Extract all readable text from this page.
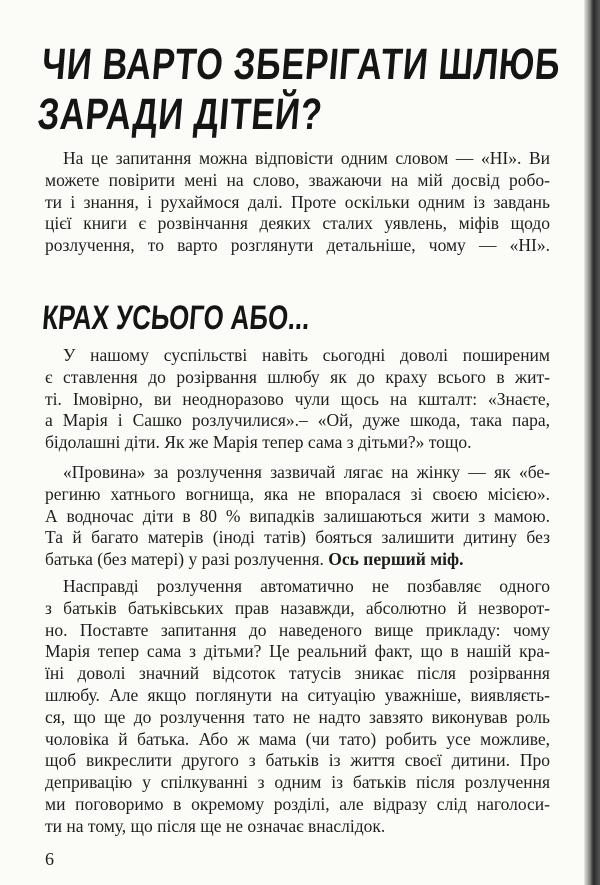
ЧИ ВАРТО ЗБЕРІГАТИ ШЛЮБ
ЗАРАДИ ДІТЕЙ?
На це запитання можна відповісти одним словом — «НІ». Ви
можете повірити мені на слово, зважаючи на мій досвід робо-
ти і знання, і рухаймося далі. Проте оскільки одним із завдань
цієї книги є розвінчання деяких сталих уявлень, міфів щодо
розлучення, то варто розглянути детальніше, чому — «НІ».
КРАХ УСЬОГО АБО...
У нашому суспільстві навіть сьогодні доволі поширеним
є ставлення до розірвання шлюбу як до краху всього в жит-
ті. Імовірно, ви неодноразово чули щось на кшталт: «Знаєте,
а Марія і Сашко розлучилися».– «Ой, дуже шкода, така пара,
бідолашні діти. Як же Марія тепер сама з дітьми?» тощо.
«Провина» за розлучення зазвичай лягає на жінку — як «бе-
региню хатнього вогнища, яка не впоралася зі своєю місією».
А водночас діти в 80 % випадків залишаються жити з мамою.
Та й багато матерів (іноді татів) бояться залишити дитину без
батька (без матері) у разі розлучення. Ось перший міф.
Насправді розлучення автоматично не позбавляє одного
з батьків батьківських прав назавжди, абсолютно й незворот-
но. Поставте запитання до наведеного вище прикладу: чому
Марія тепер сама з дітьми? Це реальний факт, що в нашій кра-
їні доволі значний відсоток татусів зникає після розірвання
шлюбу. Але якщо поглянути на ситуацію уважніше, виявляєть-
ся, що ще до розлучення тато не надто завзято виконував роль
чоловіка й батька. Або ж мама (чи тато) робить усе можливе,
щоб викреслити другого з батьків із життя своєї дитини. Про
депривацію у спілкуванні з одним із батьків після розлучення
ми поговоримо в окремому розділі, але відразу слід наголоси-
ти на тому, що після ще не означає внаслідок.
6
